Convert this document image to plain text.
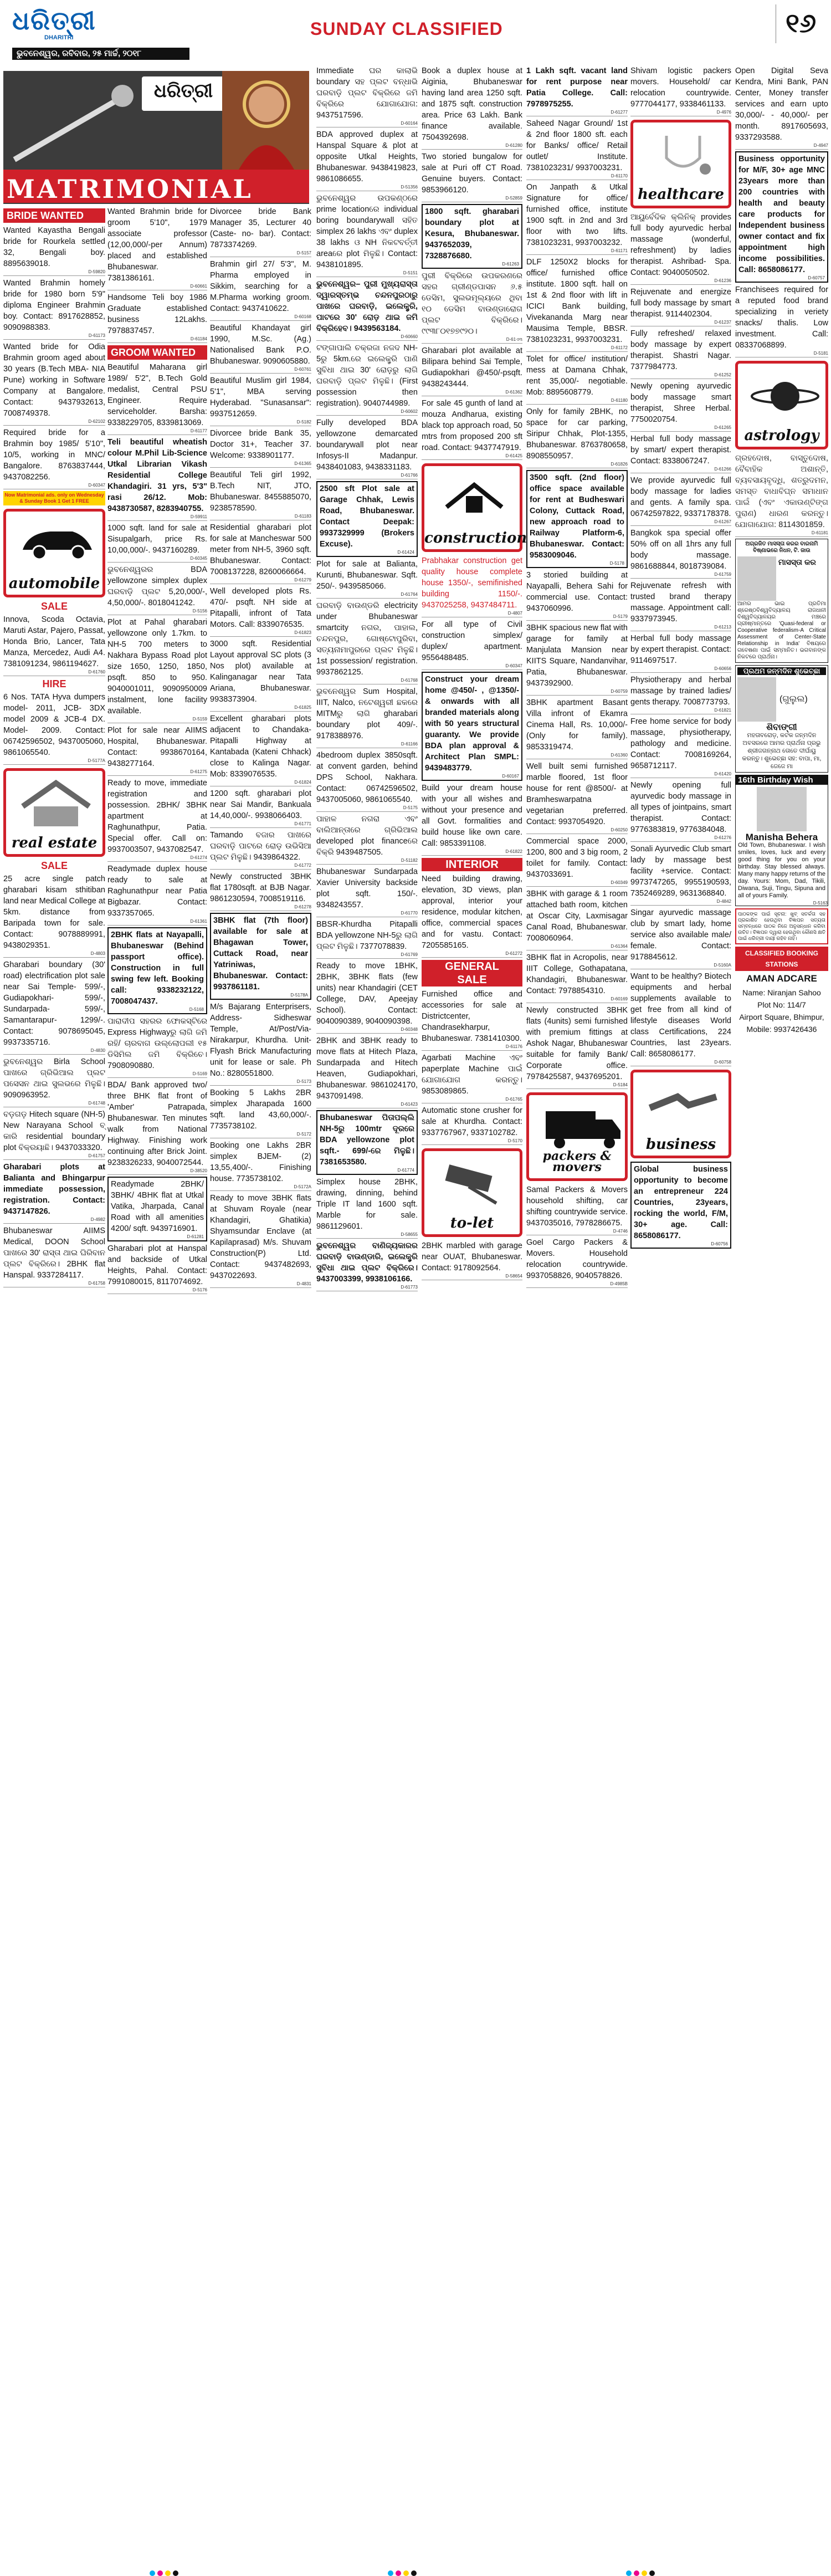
ଧରିତ୍ରୀ
DHARITRI
ଭୁବନେଶ୍ୱର, ରବିବାର, ୨୫ ମାର୍ଚ୍ଚ, ୨୦୧୮
SUNDAY CLASSIFIED	୧୬
ଧରିତ୍ରୀ
MATRIMONIAL
BRIDE WANTED
Wanted Kayastha Bengali bride for Rourkela settled 32, Bengali boy. 8895639018.
D-59820
Wanted Brahmin homely bride for 1980 born 5'9" diploma Engineer Brahmin boy. Contact: 8917628852, 9090988383.
D-61173
Wanted bride for Odia Brahmin groom aged about 30 years (B.Tech MBA- NIA Pune) working in Software Company at Bangalore. Contact: 9437932613, 7008749378.
D-62102
Required bride for a Brahmin boy 1985/ 5'10", 10/5, working in MNC/ Bangalore. 8763837444, 9437082256.
D-60347
Now Matrimonial ads. only on Wednesday & Sunday Book 1 Get 1 FREE
automobile
SALE
Innova, Scoda Octavia, Maruti Astar, Pajero, Passat, Honda Brio, Lancer, Tata Manza, Mercedez, Audi A4. 7381091234, 9861194627.
D-61760
HIRE
6 Nos. TATA Hyva dumpers model- 2011, JCB- 3DX model 2009 & JCB-4 DX. Model- 2009. Contact: 06742596502, 9437005060, 9861065540.
D-5177A
real estate
SALE
25 acre single patch gharabari kisam sthitiban land near Medical College at 5km. distance from Baripada town for sale. Contact: 9078889991, 9438029351.
D-4803
Gharabari boundary (30' road) electrification plot sale near Sai Temple- 599/-, Gudiapokhari- 599/-, Sundarpada- 599/-, Samantarapur- 1299/-. Contact: 9078695045, 9937335716.
D-4830
ଭୁବନେଶ୍ୱର Birla School ପାଖରେ ଗ୍ରିଭିଆଲ ପ୍ଲଟ ପସେସନ ଥାଇ ସୁଲଭରେ ମିଳୁଛି। 9090963952.
D-61748
ବଡ଼ଗଡ଼ Hitech square (NH-5) New Narayana School ବ୍ କାରି residential boundary plot ବିକ୍ରୟାଛି। 9437033320.
D-61757
Gharabari plots at Balianta and Bhingarpur immediate possession, registration. Contact: 9437147826.
D-4982
Bhubaneswar AIIMS Medical, DOON School ପାଖରେ 30' ରାସ୍ତା ଥାଇ ଘିରିବାନ ପ୍ଲଟ ବିକ୍ରିରେ। 2BHK flat Hanspal. 9337284117.
D-61758
Wanted Brahmin bride for groom 5'10", 1979 associate professor (12,00,000/-per Annum) placed and established Bhubaneswar. 7381386161.
D-60661
Handsome Teli boy 1986 Graduate established business 12Lakhs. 7978837457.
D-61184
GROOM WANTED
Beautiful Maharana girl 1989/ 5'2", B.Tech Gold medalist, Central PSU Engineer. Require serviceholder. Barsha: 9338229705, 8339813069.
D-61177
Teli beautiful wheatish colour M.Phil Lib-Science Utkal Librarian Vikash Residential College Khandagiri. 31 yrs, 5'3" rasi 26/12. Mob: 9438730587, 8283940755.
D-59911
1000 sqft. land for sale at Sisupalgarh, price Rs. 10,00,000/-. 9437160289.
D-60345
ଭୁବନେଶ୍ୱରର BDA yellowzone simplex duplex ଘରବାଡ଼ି ପ୍ଲଟ 5,20,000/-, 4,50,000/-. 8018041242.
D-5156
Plot at Pahal gharabari yellowzone only 1.7km. to NH-5 700 meters to Nakhara Bypass Road plot size 1650, 1250, 1850, psqft. 850 to 950. 9040001011, 9090950009 instalment, lone facility available.
D-5159
Plot for sale near AIIMS Hospital, Bhubaneswar. Contact: 9938670164, 9438277164.
D-61275
Ready to move, immediate registration and possession. 2BHK/ 3BHK apartment at Raghunathpur, Patia. Special offer. Call on: 9937003507, 9437082547.
D-61274
Readymade duplex house ready to sale at Raghunathpur near Patia Bigbazar. Contact: 9337357065.
D-61361
2BHK flats at Nayapalli, Bhubaneswar (Behind passport office). Construction in full swing few left. Booking call: 9338232122, 7008047437.
D-5168
ପାରାଦୀପ ସହରର ଫୋକସ୍ଟିରେ Express Highwayରୁ ଲାଗି ଜମି ରହି/ ଚାରବାଗ ଉଲ୍ଲୋପଲୀ ୧୫ ଡିସିମିଲ ଜମି ବିକ୍ରିଚେ। 7908090880.
D-5169
BDA/ Bank approved two/ three BHK flat front of 'Amber' Patrapada, Bhubaneswar. Ten minutes walk from National Highway. Finishing work continuing after Brick Joint. 9238326233, 9040072544.
D-38520
Readymade 2BHK/ 3BHK/ 4BHK flat at Utkal Vatika, Jharpada, Canal Road with all amenities 4200/ sqft. 9439716901.
D-61281
Gharabari plot at Hanspal and backside of Utkal Heights, Pahal. Contact: 7991080015, 8117074692.
D-5176
Divorcee bride Bank Manager 35, Lecturer 40 (Caste- no- bar). Contact: 7873374269.
D-5157
Brahmin girl 27/ 5'3", M. Pharma employed in Sikkim, searching for a M.Pharma working groom. Contact: 9437410622.
D-60168
Beautiful Khandayat girl 1990, M.Sc. (Ag.) Nationalised Bank P.O. Bhubaneswar. 9090605880.
D-60761
Beautiful Muslim girl 1984, 5'1", MBA serving Hyderabad. "Sunasansar": 9937512659.
D-5182
Divorcee bride Bank 35, Doctor 31+, Teacher 37. Welcome: 9338901177.
D-61365
Beautiful Teli girl 1992, B.Tech NIT, JTO, Bhubaneswar. 8455885070, 9238578590.
D-61183
Residential gharabari plot for sale at Mancheswar 500 meter from NH-5, 3960 sqft. Bhubaneswar. Contact: 7008137228, 8260066664.
D-61279
Well developed plots Rs. 470/- psqft. NH side at Pitapalli, infront of Tata Motors. Call: 8339076535.
D-61823
3000 sqft. Residential Layout approval SC plots (3 Nos plot) available at Kalinganagar near Tata Ariana, Bhubaneswar. 9938373904.
D-61825
Excellent gharabari plots adjacent to Chandaka-Pitapalli Highway at Kantabada (Kateni Chhack) close to Kalinga Nagar. Mob: 8339076535.
D-61824
1200 sqft. gharabari plot near Sai Mandir, Bankuala 14,40,000/-. 9938066403.
D-61771
Tamando ବଜାର ପାଖରେ ଘରବାଡ଼ି ପାଟରେ ରୋଡ଼ ଉଭିସିଆ ପ୍ଲଟ ମିଳୁଛି। 9439864322.
D-61772
Newly constructed 3BHK flat 1780sqft. at BJB Nagar. 9861230594, 7008519116.
D-61278
3BHK flat (7th floor) available for sale at Bhagawan Tower, Cuttack Road, near Yatriniwas, Bhubaneswar. Contact: 9937861181.
D-5178A
M/s Bajarang Enterprisers, Address- Sidheswar Temple, At/Post/Via- Nirakarpur, Khurdha. Unit- Flyash Brick Manufacturing unit for lease or sale. Ph No.: 8280551800.
D-5173
Booking 5 Lakhs 2BR simplex Jharapada 1600 sqft. land 43,60,000/-. 7735738102.
D-5172
Booking one Lakhs 2BR simplex BJEM- (2) 13,55,400/-. Finishing house. 7735738102.
D-5172A
Ready to move 3BHK flats at Shuvam Royale (near Khandagiri, Ghatikia) Shyamsundar Enclave (at Kapilaprasad) M/s. Shuvam Construction(P) Ltd. Contact: 9437482693, 9437022693.
D-4831
Immediate ଘର କାଲାଭି boundary ସହ ପ୍ଲଟ ବନ୍ଧାଭି ଘରବାଡ଼ି ପ୍ଲଟ ବିକ୍ରିରେ ଜମି ବିକ୍ରିରେ ଯୋଗାଯୋଗ: 9437517596.
D-60164
BDA approved duplex at Hanspal Square & plot at opposite Utkal Heights, Bhubaneswar. 9438419823, 9861086655.
D-51356
ଭୁବନେଶ୍ୱର ଉପକଣ୍ଠରେ prime locationରେ individual boring boundarywall ସହିତ simplex 26 lakhs ଏବଂ duplex 38 lakhs ଓ NH ନିକଟବର୍ତ୍ତୀ areaରେ plot ମିଳୁଛି। Contact: 9438101895.
D-5151
ଭୁବନେଶ୍ୱର– ପୁରୀ ମୁଖ୍ୟରାସ୍ତା ଦ୍ୱାରସ୍ତମ୍ଭ ଚନ୍ଦନପୁରଠାରୁ ପାଖରେ ଘରବାଡ଼ି, ଇଲେକ୍ଟ୍ରି, ପାଟରେ 30' ରୋଡ଼ ଥାଇ ଜମି ବିକ୍ରିହେବ। 9439563184.
D-60660
ଟଙ୍ଗାପାଲି ଚକ୍ରଜା ନଜଦ NH-5ରୁ 5km.ରେ ଇଲେକ୍ଟ୍ରି ପାଣି ସୁବିଧା ଥାଇ 30' ରୋଡ଼ରୁ ଲାଗି ଘରବାଡ଼ି ପ୍ଲଟ ମିଳୁଛି। (First possession then registration). 9040744989.
D-60602
Fully developed BDA yellowzone demarcated boundarywall plot near Infosys-II Madanpur. 9438401083, 9438331183.
D-61766
2500 sft Plot sale at Garage Chhak, Lewis Road, Bhubaneswar. Contact Deepak: 9937329999 (Brokers Excuse).
D-61424
Plot for sale at Balianta, Kurunti, Bhubaneswar. Sqft. 250/-. 9439585066.
D-61764
ଘରବାଡ଼ି ବାଉଣ୍ଡରି electricity under Bhubaneswar smartcity ନଗର, ପାହାଲ, ଚନ୍ଦନପୁର, ଗୋଷ୍ଟୋପୁରିବା, ସତ୍ୟନାମାପୁରରେ ପ୍ଲଟ ମିଳୁଛି। 1st possession/ registration. 9937862125.
D-61768
ଭୁବନେଶ୍ୱର Sum Hospital, IIIT, Nalco, ନଟେଶ୍ୱରୀ ଛକରେ MITMରୁ ଲାଗି gharabari boundary plot 409/-. 9178388976.
D-61166
4bedroom duplex 3850sqft. at convent garden, behind DPS School, Nakhara. Contact: 06742596502, 9437005060, 9861065540.
D-5175
ପାହାଳ ନଗରା ଏବଂ ବାଲିଆନ୍ତାରେ ଗ୍ରିଭିଆଲ developed plot financeରେ ବିକ୍ରି 9439487505.
D-51182
Bhubaneswar Sundarpada Xavier University backside plot sqft. 150/-. 9348243557.
D-61770
BBSR-Khurdha Pitapalli BDA yellowzone NH-5ରୁ ଲାଗି ପ୍ଲଟ ମିଳୁଛି। 7377078839.
D-61769
Ready to move 1BHK, 2BHK, 3BHK flats (few units) near Khandagiri (CET College, DAV, Apeejay School). Contact: 9040090389, 9040090398.
D-60348
2BHK and 3BHK ready to move flats at Hitech Plaza, Sundarpada and Hitech Heaven, Gudiapokhari, Bhubaneswar. 9861024170, 9437091498.
D-61423
Bhubaneswar ପିତାପଲ୍ଲି NH-5ରୁ 100mtr ଦୂରରେ BDA yellowzone plot sqft.- 699/-ରେ ମିଳୁଛି। 7381653580.
D-61774
Simplex house 2BHK, drawing, dinning, behind Triple IT land 1600 sqft. Marble for sale. 9861129601.
D-58655
ଭୁବନେଶ୍ୱର ବାଣିଜ୍ୟକାରର ଘରବାଡ଼ି ବାଉଣ୍ଡାରି, ଇଲେକ୍ଟ୍ରି ସୁବିଧା ଥାଇ ପ୍ଲଟ ବିକ୍ରିରେ। 9437003399, 9938106166.
D-61773
Book a duplex house at Aiginia, Bhubaneswar having land area 1250 sqft. and 1875 sqft. construction area. Price 63 Lakh. Bank finance available. 7504392698.
D-61280
Two storied bungalow for sale at Puri off CT Road. Genuine buyers. Contact: 9853966120.
D-52859
1800 sqft. gharabari boundary plot at Kesura, Bhubaneswar. 9437652039, 7328876680.
D-61263
ପୁରୀ ବିକ୍ରିରେ ଉପକରଣରେ ସହର ଗ୍ରୀଣ୍ଡପାସନ ୬.୫ ଡେସିମ, ସୁଲଭମୂଲ୍ୟରେ ଥିବା ୧୦ ଡେସିମ ବାଉଣ୍ଡାରୋଗ ପ୍ଲଟ ବିକ୍ରିରେ। ୯୯୩୮୦୧୭୭୯୨୦।
D-61ଏ୩
Gharabari plot available at Bilipara behind Sai Temple, Gudiapokhari @450/-psqft. 9438243444.
D-61362
For sale 45 gunth of land at mouza Andharua, existing black top approach road, 50 mtrs from proposed 200 sft road. Contact: 9437747919.
D-61425
construction
Prabhakar construction get quality house complete house 1350/-, semifinished building 1150/-. 9437025258, 9437484711.
D-4807
For all type of Civil construction simplex/ duplex/ apartment. 9556488485.
D-60347
Construct your dream home @450/- , @1350/- & onwards with all branded materials along with 50 years structural guaranty. We provide BDA plan approval & Architect Plan SMPL: 9439483779.
D-60167
Build your dream house with your all wishes and without your presence and all Govt. formalities and build house like own care. Call: 9853391108.
D-61822
INTERIOR
Need building drawing, elevation, 3D views, plan approval, interior your residence, modular kitchen, office, commercial spaces and for vastu. Contact: 7205585165.
D-61272
GENERAL
SALE
Furnished office and accessories for sale at Districtcenter, Chandrasekharpur, Bhubaneswar. 7381410300.
D-61176
Agarbati Machine ଏବଂ paperplate Machine ପାଇଁ ଯୋଗାଯୋଗ କରନ୍ତୁ। 9853089865.
D-61765
Automatic stone crusher for sale at Khurdha. Contact: 9337767967, 9337102782.
D-5170
to-let
2BHK marbled with garage near OUAT, Bhubaneswar. Contact: 9178092564.
D-58654
1 Lakh sqft. vacant land for rent purpose near Patia College. Call: 7978975255.
D-61277
Saheed Nagar Ground/ 1st & 2nd floor 1800 sft. each for Banks/ office/ Retail outlet/ Institute. 7381023231/ 9937003231.
D-61170
On Janpath & Utkal Signature for office/ furnished office, institute 1900 sqft. in 2nd and 3rd floor with two lifts. 7381023231, 9937003232.
D-61171
DLF 1250X2 blocks for office/ furnished office institute. 1800 sqft. hall on 1st & 2nd floor with lift in ICICI Bank building, Vivekananda Marg near Mausima Temple, BBSR. 7381023231, 9937003231.
D-61172
Tolet for office/ institution/ mess at Damana Chhak, rent 35,000/- negotiable. Mob: 8895608779.
D-61180
Only for family 2BHK, no space for car parking, Siripur Chhak, Plot-1355, Bhubaneswar. 8763780658, 8908550957.
D-61826
3500 sqft. (2nd floor) office space available for rent at Budheswari Colony, Cuttack Road, new approach road to Railway Platform-6, Bhubaneswar. Contact: 9583009046.
D-5178
3 storied building at Nayapalli, Behera Sahi for commercial use. Contact: 9437060996.
D-5179
3BHK spacious new flat with garage for family at Manjulata Mansion near KIITS Square, Nandanvihar, Patia, Bhubaneswar. 9437392900.
D-60759
3BHK apartment Basant Villa infront of Ekamra Cinema Hall, Rs. 10,000/- (Only for family). 9853319474.
D-61360
Well built semi furnished marble floored, 1st floor house for rent @8500/- at Bramheswarpatna vegetarian preferred. Contact: 9937054920.
D-60250
Commercial space 2000, 1200, 800 and 3 big room, 2 toilet for family. Contact: 9437033691.
D-60349
3BHK with garage & 1 room attached bath room, kitchen at Oscar City, Laxmisagar Canal Road, Bhubaneswar. 7008060964.
D-61364
3BHK flat in Acropolis, near IIIT College, Gothapatana, Khandagiri, Bhubaneswar. Contact: 7978854310.
D-60169
Newly constructed 3BHK flats (4units) semi furnished with premium fittings at Ashok Nagar, Bhubaneswar suitable for family Bank/ Corporate office. 7978425587, 9437695201.
D-5184
packers & movers
Samal Packers & Movers household shifting, car shifting countrywide service. 9437035016, 7978286675.
D-4746
Goel Cargo Packers & Movers. Household relocation countrywide. 9937058826, 9040578826.
D-4985B
Shivam logistic packers movers. Household/ car relocation countrywide. 9777044177, 9338461133.
D-4976
healthcare
ଆୟୁର୍ବେଦିକ କ୍ଲିନିକ୍ provides full body ayurvedic herbal massage (wonderful, refreshment) by ladies therapist. Ashribad- Spa. Contact: 9040050502.
D-61236
Rejuvenate and energize full body massage by smart therapist. 9114402304.
D-61237
Fully refreshed/ relaxed body massage by expert therapist. Shastri Nagar. 7377984773.
D-61252
Newly opening ayurvedic body massage smart therapist, Shree Herbal. 7750020754.
D-61265
Herbal full body massage by smart/ expert therapist. Contact: 8338067247.
D-61266
We provide ayurvedic full body massage for ladies and gents. A family spa. 06742597822, 9337178378.
D-61267
Bangkok spa special offer 50% off on all 1hrs any full body massage. 9861688844, 8018739084.
D-61759
Rejuvenate refresh with trusted brand therapy massage. Appointment call: 9337973945.
D-61213
Herbal full body massage by expert therapist. Contact: 9114697517.
D-60656
Physiotherapy and herbal massage by trained ladies/ gents therapy. 7008773793.
D-61821
Free home service for body massage, physiotherapy, pathology and medicine. Contact: 7008169264, 9658712117.
D-61420
Newly opening full ayurvedic body massage in all types of jointpains, smart therapist. Contact: 9776383819, 9776384048.
D-61276
Sonali Ayurvedic Club smart lady by massage best facility +service. Contact: 9973747265, 9955190593, 7352469289, 9631368840.
D-4842
Singar ayurvedic massage club by smart lady, home service also available male/ female. Contact: 9178845612.
D-5160A
Want to be healthy? Biotech equipments and herbal supplements available to get free from all kind of lifestyle diseases World class Certifications, 224 Countries, last 23years. Call: 8658086177.
D-60758
business
Global business opportunity to become an entrepreneur 224 Countries, 23years, rocking the world, F/M, 30+ age. Call: 8658086177.
D-60756
Open Digital Seva Kendra, Mini Bank, PAN Center, Money transfer services and earn upto 30,000/- - 40,000/- per month. 8917605693, 9337293588.
D-4947
Business opportunity for M/F, 30+ age MNC 23years more than 200 countries with health and beauty care products for Independent business owner contact and fix appointment high income possibilities. Call: 8658086177.
D-60757
Franchisees required for a reputed food brand specializing in veriety snacks/ thalis. Low investment. Call: 08337068899.
D-5181
astrology
ଗ୍ରହଦୋଷ, ବାସ୍ତୁଦୋଷ, ବୈବାହିକ ଅଶାନ୍ତି, ବ୍ୟବସାୟବୃଦ୍ଧି, ଶତ୍ରୁଦମନ, ସମସ୍ତ ବାଧାବିଘ୍ନ ସମାଧାନ ପାଇଁ (ଏବଂ ଏକାଉଣ୍ଟିଙ୍ଗ ପୁରାଣ) ଧାରଣ କରନ୍ତୁ। ଯୋଗାଯୋଗ: 8114301859.
D-61181
ଅଗ୍ରଜିତ ମାସସ୍ତା କରର ବାରନାମି ବିଷ୍ଣାଭରେ ନିଧନ, ଟି. ଜାଉ
ମାସସ୍ତା କର
ଆମର ଭାଇ ପ୍ରତିମା ଶ୍ରେଷ୍ଠବିଶ୍ୱବିଦ୍ୟାଳୟ ରାଜଧାନୀ ବିଶ୍ୱବିଦ୍ୟାଳୟର ମଞ୍ଚରେ ଗ୍ରୀଷ୍ମାନ୍ତରେ 'Quasi-federal or Cooperative federalism-A Critical Assessment of Center-State Relationship in India' ବିଷୟରେ ଗବେଷଣା ପାଇଁ ସମ୍ମାନିତ। ଭଗବାନଙ୍କ ନିକଟରେ ପ୍ରାର୍ଥନା।
ପ୍ରଥମ ଜନ୍ମଦିନ ଶୁଭେଚ୍ଛା
(ଗୁଲୁଲ)
ଶିବାଙ୍ଗୀ
ମହତାବରୋଡ଼, କଟକ ଜନ୍ମଦିନ ଅବସରରେ ଆମର ପ୍ରାର୍ଥନା ପ୍ରଭୁ ଶ୍ରୀଜଗନ୍ନାଥ ତୋତେ ଦୀର୍ଘାୟୁ କରନ୍ତୁ। ଶୁଭେଚ୍ଛା ସହ: ବାପା, ମା, ଜେଜେ ମା
16th Birthday Wish
Manisha Behera
Old Town, Bhubaneswar. I wish smiles, loves, luck and every good thing for you on your birthday. Stay blessed always. Many many happy returns of the day. Yours: Mom, Dad, Tikili, Diwana, Suji, Tingu, Sipuna and all of yours Family.
D-5163
ପାଠକଙ୍କ ପାଇଁ ସୂଚନା: ଖୁବ୍ ସତର୍କତା ସହ ପ୍ରକାଶିତ ହେଉଥିବା ବିଜ୍ଞାପନ ସତ୍ୟତା ସମ୍ବନ୍ଧରେ ପାଠକ ନିଜେ ଅନୁସନ୍ଧାନ କରିବା ଉଚିତ। ବିଜ୍ଞାପନ ଦ୍ୱାରା ହେଉଥିବା କୌଣସି କ୍ଷତି ପାଇଁ ଧରିତ୍ରୀ ଦାୟୀ ରହିବ ନାହିଁ।
CLASSIFIED BOOKING STATIONS
AMAN ADCARE
Name: Niranjan Sahoo
Plot No: 114/7
Airport Square, Bhimpur,
Mobile: 9937426436
